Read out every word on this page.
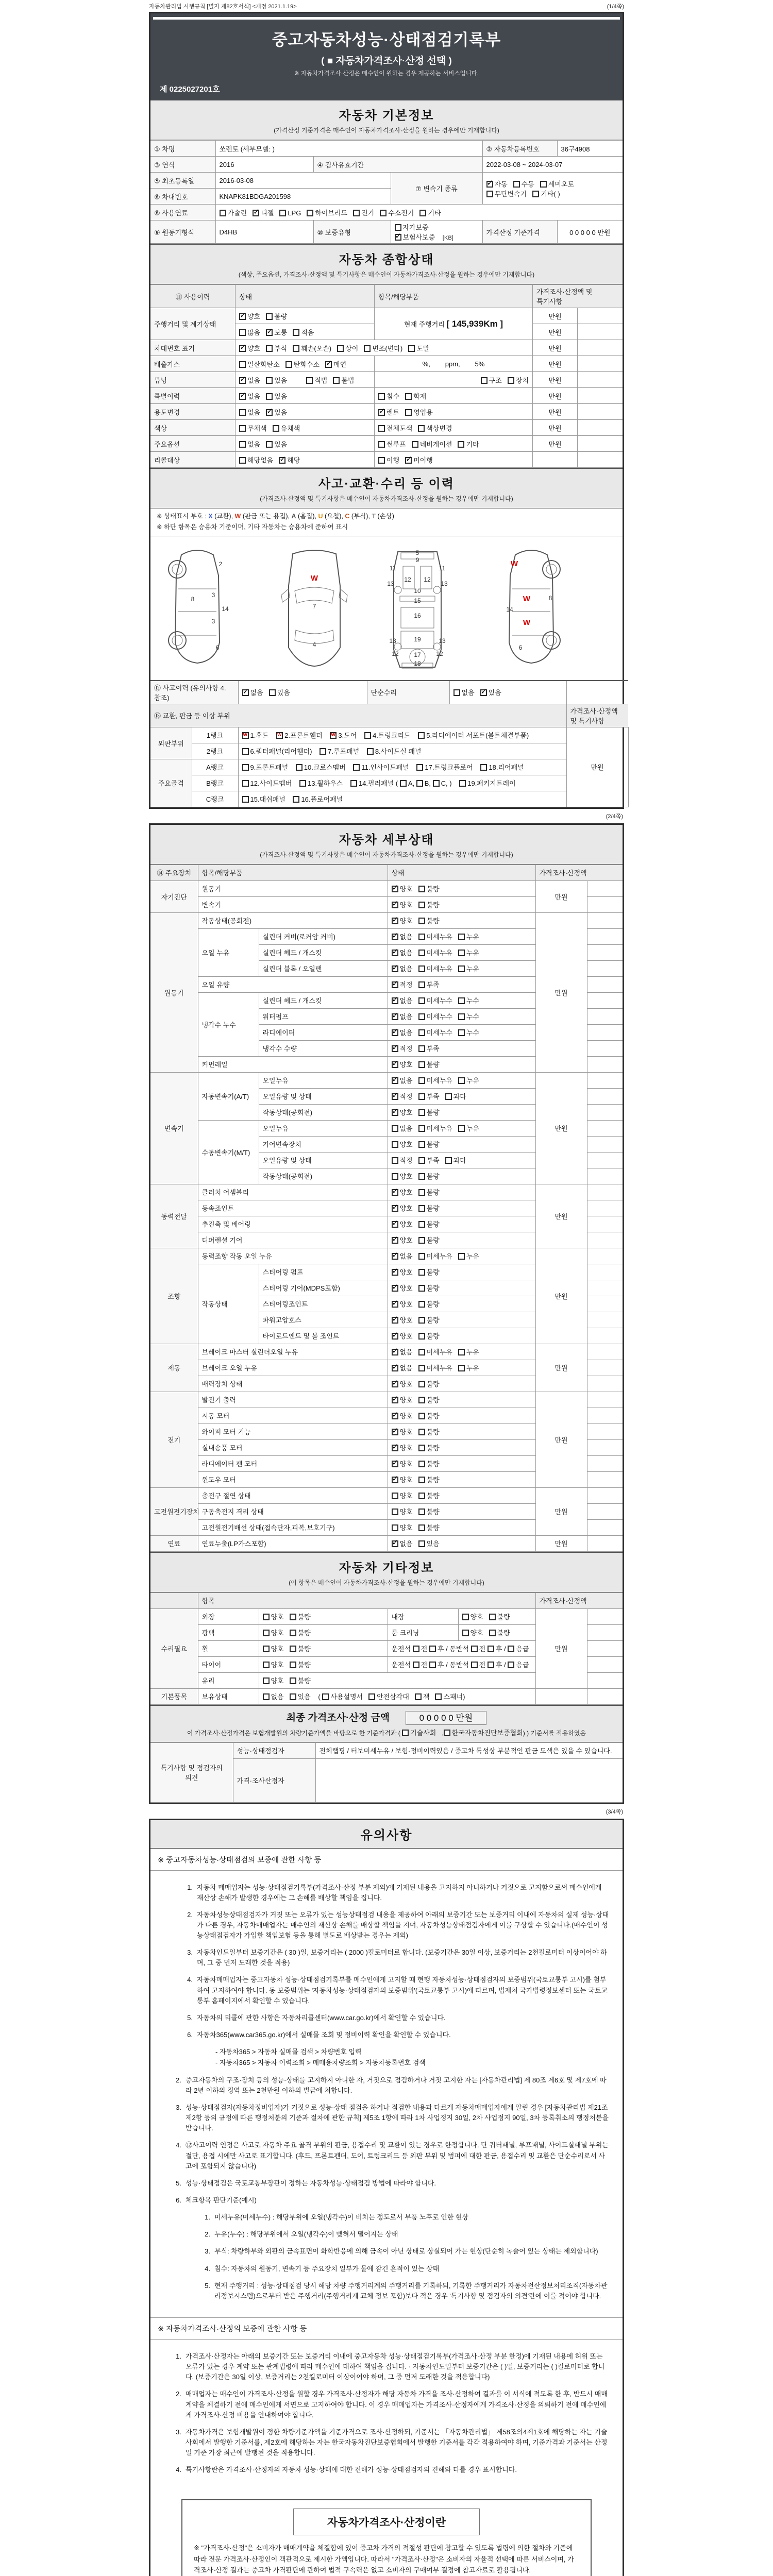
자동차관리법 시행규칙 [별지 제82호서식] <개정 2021.1.19>	(1/4쪽)
중고자동차성능·상태점검기록부
( ■ 자동차가격조사·산정 선택 )
※ 자동차가격조사·산정은 매수인이 원하는 경우 제공하는 서비스입니다.
제 0225027201호
자동차 기본정보
(가격산정 기준가격은 매수인이 자동차가격조사·산정을 원하는 경우에만 기재합니다)
① 차명	쏘렌토 (세부모델: )			② 자동차등록번호	36구4908
③ 연식	2016	④ 검사유효기간		2022-03-08 ~ 2024-03-07	
⑤ 최초등록일	2016-03-08		⑦ 변속기 종류	✓자동 수동 세미오토
무단변속기 기타( )
⑥ 차대번호	KNAPK81BDGA201598				
⑧ 사용연료	가솔린 ✓ 디젤 LPG 하이브리드 전기 수소전기 기타
⑨ 원동기형식	D4HB	⑩ 보증유형	자가보증✓보험사보증 [KB]	가격산정 기준가격	0 0 0 0 0 만원
자동차 종합상태
(색상, 주요옵션, 가격조사·산정액 및 특기사항은 매수인이 자동차가격조사·산정을 원하는 경우에만 기재합니다)
⑪ 사용이력	상태	항목/해당부품	가격조사·산정액 및 특기사항	
주행거리 및 계기상태	✓양호 불량	현재 주행거리 [ 145,939Km ]	만원	
	많음 ✓ 보통 적음		만원	
차대번호 표기	✓양호 부식 훼손(오손) 상이 변조(변타) 도말		만원	
배출가스	일산화탄소 탄화수소 ✓ 매연	%,        ppm,        5%	만원	
튜닝	✓없음 있음 적법 불법	구조 장치	만원	
특별이력	✓없음 있음	침수 화재	만원	
용도변경	없음 ✓ 있음	✓렌트 영업용	만원	
색상	무채색 유채색	전체도색 색상변경	만원	
주요옵션	없음 있음	썬루프 네비게이션 기타	만원	
리콜대상	해당없음 ✓ 해당	이행 ✓ 미이행		
사고·교환·수리 등 이력
(가격조사·산정액 및 특기사항은 매수인이 자동차가격조사·산정을 원하는 경우에만 기재합니다)
※ 상태표시 부호 : X (교환), W (판금 또는 용접), A (흠집), U (요철), C (부식), T (손상)
※ 하단 항목은 승용차 기준이며, 기타 자동차는 승용차에 준하여 표시
2
8
3
14
3
6
W
7
4
5
9
11	11
13	13
12 12
10
15
16
19
13	13
12	12
17
18
W
8
W
14
W
6
⑫ 사고이력 (유의사항 4.참조)	✓없음 있음	단순수리	없음 ✓ 있음	
⑬ 교환, 판금 등 이상 부위					가격조사·산정액 및 특기사항	
외판부위	1랭크	W1.후드 W 2.프론트휀더 W 3.도어 4.트렁크리드 5.라디에이터 서포트(볼트체결부품)			만원	
	2랭크	6.쿼터패널(리어휀더) 7.루프패널 8.사이드실 패널				
주요골격	A랭크	9.프론트패널 10.크로스멤버 11.인사이드패널 17.트렁크플로어 18.리어패널				
	B랭크	12.사이드멤버 13.휠하우스 14.필러패널 ( A, B, C, ) 19.패키지트레이				
	C랭크	15.대쉬패널 16.플로어패널				
(2/4쪽)
자동차 세부상태
(가격조사·산정액 및 특기사항은 매수인이 자동차가격조사·산정을 원하는 경우에만 기재합니다)
⑭ 주요장치	항목/해당부품		상태	가격조사·산정액	
자기진단	원동기	✓양호 불량	만원	
	변속기	✓양호 불량	
원동기	작동상태(공회전)	✓양호 불량	만원	
	오일 누유	실린더 커버(로커암 커버)	✓없음 미세누유 누유	
		실린더 헤드 / 개스킷	✓없음 미세누유 누유	
		실린더 블록 / 오일팬	✓없음 미세누유 누유	
	오일 유량	✓적정 부족	
	냉각수 누수	실린더 헤드 / 개스킷	✓없음 미세누수 누수	
		워터펌프	✓없음 미세누수 누수	
		라디에이터	✓없음 미세누수 누수	
		냉각수 수량	✓적정 부족	
	커먼레일	✓양호 불량	
변속기	자동변속기(A/T)	오일누유	✓없음 미세누유 누유	만원	
		오일유량 및 상태	✓적정 부족 과다	
		작동상태(공회전)	✓양호 불량	
	수동변속기(M/T)	오일누유	없음 미세누유 누유		
		기어변속장치	양호 불량		
		오일유량 및 상태	적정 부족 과다		
		작동상태(공회전)	양호 불량		
동력전달	클러치 어셈블리	✓양호 불량	만원	
	등속죠인트	✓양호 불량	
	추진축 및 베어링	✓양호 불량	
	디퍼렌셜 기어	✓양호 불량	
조향	동력조향 작동 오일 누유	✓없음 미세누유 누유	만원	
	작동상태	스티어링 펌프	✓양호 불량	
		스티어링 기어(MDPS포함)	✓양호 불량	
		스티어링조인트	✓양호 불량	
		파워고압호스	✓양호 불량	
		타이로드엔드 및 볼 조인트	✓양호 불량	
제동	브레이크 마스터 실린더오일 누유	✓없음 미세누유 누유	만원	
	브레이크 오일 누유	✓없음 미세누유 누유	
	배력장치 상태	✓양호 불량	
전기	발전기 출력	✓양호 불량	만원	
	시동 모터	✓양호 불량	
	와이퍼 모터 기능	✓양호 불량	
	실내송풍 모터	✓양호 불량	
	라디에이터 팬 모터	✓양호 불량	
	윈도우 모터	✓양호 불량	
고전원전기장치	충전구 절연 상태		양호 불량	만원	
	구동축전지 격리 상태		양호 불량		
	고전원전기배선 상태(접속단자,피복,보호기구)		양호 불량		
연료	연료누출(LP가스포함)	✓없음 있음	만원	
자동차 기타정보
(이 항목은 매수인이 자동차가격조사·산정을 원하는 경우에만 기재합니다)
	항목				가격조사·산정액	
수리필요	외장	양호 불량	내장	양호 불량	만원	
	광택	양호 불량	룸 크리닝	양호 불량		
	휠	양호 불량	운전석 전 후 / 동반석 전 후 / 응급			
	타이어	양호 불량	운전석 전 후 / 동반석 전 후 / 응급			
	유리	양호 불량				
기본품목	보유상태	없음 있음 ( 사용설명서 안전삼각대 잭 스패너)				
최종 가격조사·산정 금액	0 0 0 0 0 만원
이 가격조사·산정가격은 보험개발원의 차량기준가액을 바탕으로 한 기준가격과 ( 기술사회 , 한국자동차진단보증협회) ) 기준서를 적용하였음
특기사항 및 점검자의 의견	성능·상태점검자	전체랩핑 / 터보미세누유 / 보험·정비이력있음 / 중고차 특성상 부분적인 판금 도색은 있을 수 있습니다.
	가격·조사산정자	
(3/4쪽)
유의사항
※ 중고자동차성능·상태점검의 보증에 관한 사항 등
1. 자동차 매매업자는 성능·상태점검기록부(가격조사·산정 부분 제외)에 기재된 내용을 고지하지 아니하거나 거짓으로 고지함으로써 매수인에게 재산상 손해가 발생한 경우에는 그 손해를 배상할 책임을 집니다.
2. 자동차성능상태점검자가 거짓 또는 오류가 있는 성능상태점검 내용을 제공하여 아래의 보증기간 또는 보증거리 이내에 자동차의 실제 성능·상태가 다른 경우, 자동차매매업자는 매수인의 재산상 손해를 배상할 책임을 지며, 자동차성능상태점검자에게 이를 구상할 수 있습니다.(매수인이 성능상태점검자가 가입한 책임보험 등을 통해 별도로 배상받는 경우는 제외)
3. 자동차인도일부터 보증기간은 ( 30 )일, 보증거리는 ( 2000 )킬로미터로 합니다. (보증기간은 30일 이상, 보증거리는 2천킬로미터 이상이어야 하며, 그 중 먼저 도래한 것을 적용)
4. 자동차매매업자는 중고자동차 성능·상태점검기록부를 매수인에게 고지할 때 현행 자동차성능·상태점검자의 보증범위(국토교통부 고시)를 첨부하여 고지하여야 합니다. 동 보증범위는 '자동차성능·상태점검자의 보증범위'(국토교통부 고시)에 따르며, 법제처 국가법령정보센터 또는 국토교통부 홈페이지에서 확인할 수 있습니다.
5. 자동차의 리콜에 관한 사항은 자동차리콜센터(www.car.go.kr)에서 확인할 수 있습니다.
6. 자동차365(www.car365.go.kr)에서 실매물 조회 및 정비이력 확인을 확인할 수 있습니다.
- 자동차365 > 자동차 실매물 검색 > 차량번호 입력
- 자동차365 > 자동차 이력조회 > 매매용차량조회 > 자동차등록번호 검색
2. 중고자동차의 구조·장치 등의 성능·상태를 고지하지 아니한 자, 거짓으로 점검하거나 거짓 고지한 자는 [자동차관리법] 제 80조 제6호 및 제7호에 따라 2년 이하의 징역 또는 2천만원 이하의 벌금에 처합니다.
3. 성능·상태점검자(자동차정비업자)가 거짓으로 성능·상태 점검을 하거나 점검한 내용과 다르게 자동차매매업자에게 알린 경우 [자동차관리법 제21조 제2항 등의 규정에 따른 행정처분의 기준과 절차에 관한 규칙] 제5조 1항에 따라 1차 사업정지 30일, 2차 사업정지 90일, 3차 등록취소의 행정처분을 받습니다.
4. ⑫사고이력 인정은 사고로 자동차 주요 골격 부위의 판금, 용접수리 및 교환이 있는 경우로 한정합니다. 단 쿼터패널, 루프패널, 사이드실패널 부위는 절단, 용접 시에만 사고로 표기합니다. (후드, 프론트펜더, 도어, 트렁크리드 등 외판 부위 및 범퍼에 대한 판금, 용접수리 및 교환은 단순수리로서 사고에 포함되지 않습니다)
5. 성능·상태점검은 국토교통부장관이 정하는 자동차성능·상태점검 방법에 따라야 합니다.
6. 체크항목 판단기준(예시)
1. 미세누유(미세누수) : 해당부위에 오일(냉각수)이 비치는 정도로서 부품 노후로 인한 현상
2. 누유(누수) : 해당부위에서 오일(냉각수)이 맺혀서 떨어지는 상태
3. 부식: 차량하부와 외판의 금속표면이 화학반응에 의해 금속이 아닌 상태로 상실되어 가는 현상(단순히 녹슬어 있는 상태는 제외합니다)
4. 침수: 자동차의 원동기, 변속기 등 주요장치 일부가 물에 잠긴 흔적이 있는 상태
5. 현재 주행거리 : 성능·상태점검 당시 해당 차량 주행거리계의 주행거리를 기록하되, 기록한 주행거리가 자동차전산정보처리조직(자동차관리정보시스템)으로부터 받은 주행거리(주행거리계 교체 정보 포함)보다 적은 경우 '특기사항 및 점검자의 의견'란에 이를 적어야 합니다.
※ 자동차가격조사·산정의 보증에 관한 사항 등
1. 가격조사·산정자는 아래의 보증기간 또는 보증거리 이내에 중고자동차 성능·상태점검기록부(가격조사·산정 부분 한정)에 기재된 내용에 허위 또는 오류가 있는 경우 계약 또는 관계법령에 따라 매수인에 대하여 책임을 집니다. · 자동차인도일부터 보증기간은 ( )일, 보증거리는 ( )킬로미터로 합니다. (보증기간은 30일 이상, 보증거리는 2천킬로미터 이상이어야 하며, 그 중 먼저 도래한 것을 적용합니다)
2. 매매업자는 매수인이 가격조사·산정을 원할 경우 가격조사·산정자가 해당 자동차 가격을 조사·산정하여 결과를 이 서식에 적도록 한 후, 반드시 매매계약을 체결하기 전에 매수인에게 서면으로 고지하여야 합니다. 이 경우 매매업자는 가격조사·산정자에게 가격조사·산정을 의뢰하기 전에 매수인에게 가격조사·산정 비용을 안내하여야 합니다.
3. 자동차가격은 보험개발원이 정한 차량기준가액을 기준가격으로 조사·산정하되, 기준서는 「자동차관리법」 제58조의4제1호에 해당하는 자는 기술사회에서 발행한 기준서를, 제2호에 해당하는 자는 한국자동차진단보증협회에서 발행한 기준서를 각각 적용하여야 하며, 기준가격과 기준서는 산정일 기준 가장 최근에 발행된 것을 적용합니다.
4. 특기사항란은 가격조사·산정자의 자동차 성능·상태에 대한 견해가 성능·상태점검자의 견해와 다를 경우 표시합니다.
자동차가격조사·산정이란
※ "가격조사·산정"은 소비자가 매매계약을 체결함에 있어 중고차 가격의 적절성 판단에 참고할 수 있도록 법령에 의한 절차와 기준에 따라 전문 가격조사·산정인이 객관적으로 제시한 가액입니다. 따라서 "가격조사·산정"은 소비자의 자율적 선택에 따른 서비스이며, 가격조사·산정 결과는 중고차 가격판단에 관하여 법적 구속력은 없고 소비자의 구매여부 결정에 참고자료로 활용됩니다.
